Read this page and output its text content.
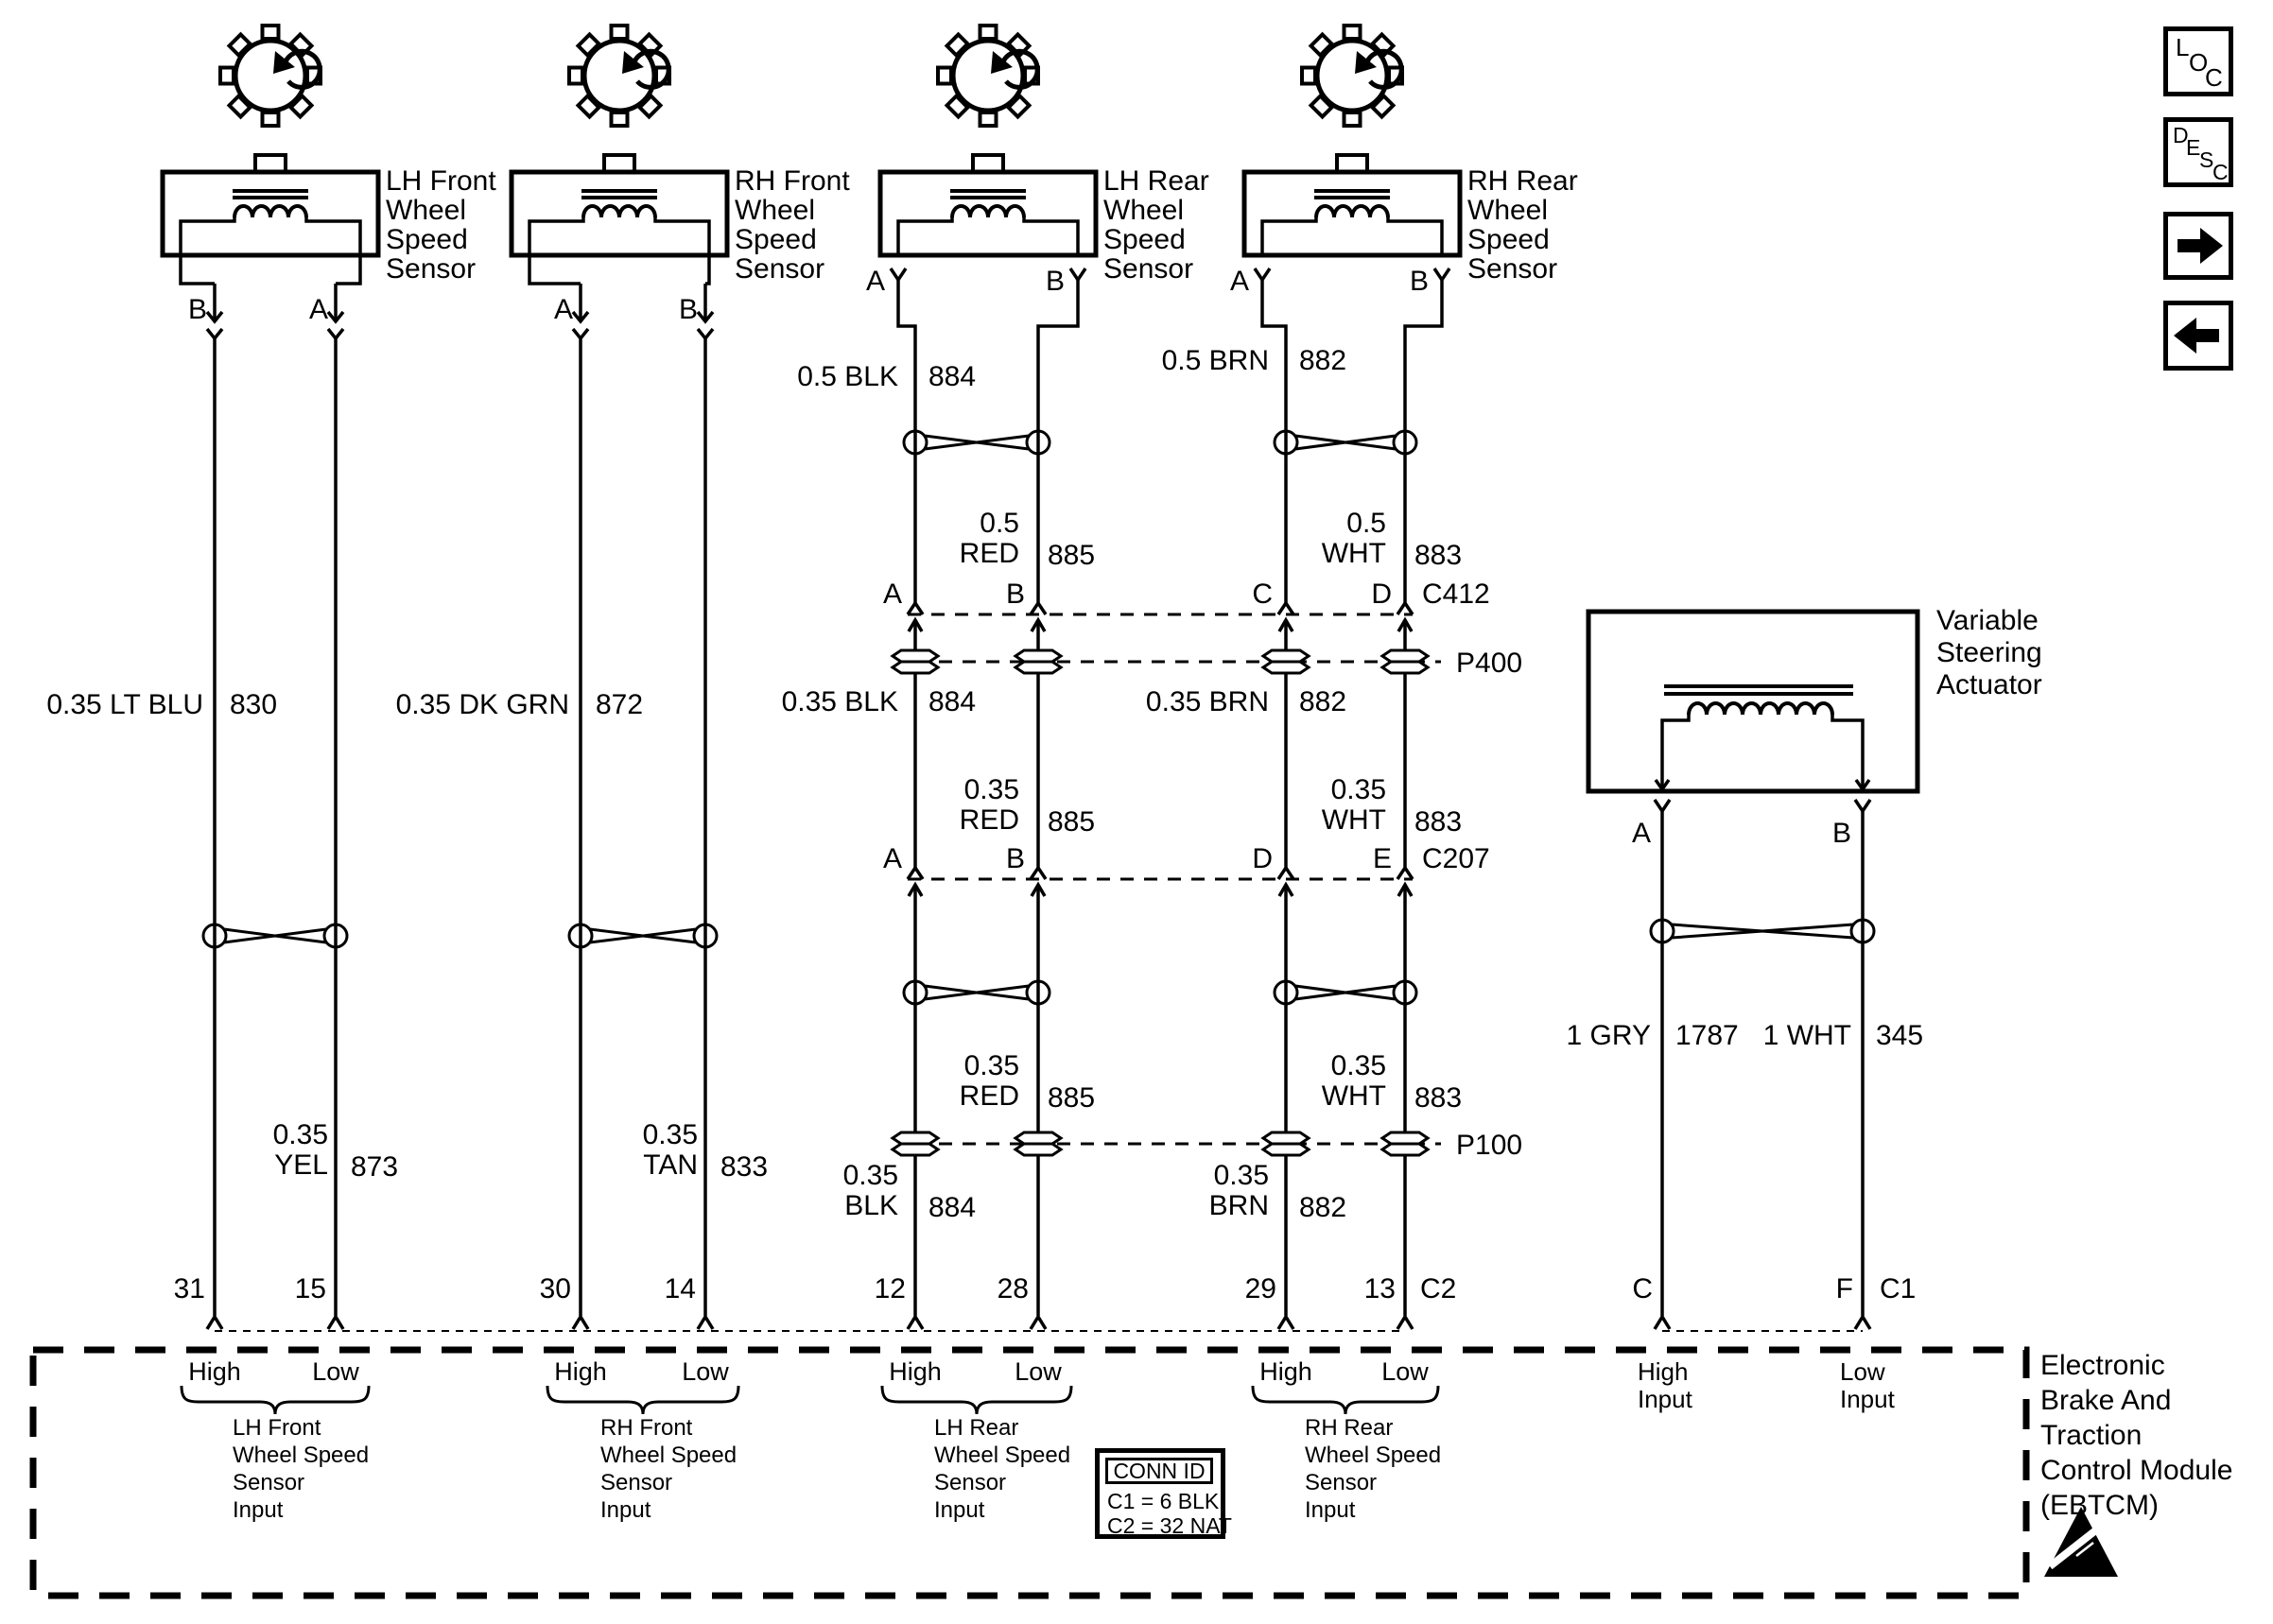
LH Front
Wheel
Speed
Sensor
RH Front
Wheel
Speed
Sensor
LH Rear
Wheel
Speed
Sensor
RH Rear
Wheel
Speed
Sensor
Variable
Steering
Actuator
B	A	A	B
A	B	A	B
A	B
0.35 LT BLU 830	0.35 DK GRN 872
0.35
YEL 873
0.35
TAN 833
0.5 BLK 884
0.5 BRN 882
0.5
RED 885
0.5
WHT 883
0.35 BLK 884	0.35 BRN 882
0.35
RED 885
0.35
WHT 883
0.35
RED 885
0.35
WHT 883
0.35
BLK 884
0.35
BRN 882
1 GRY 1787 1 WHT 345
A	B	C	D C412
P400
A	B	D	E C207
P100
31	15	30	14	12	28	29	13 C2	C	F C1
High	Low	High	Low	High	Low	High	Low
LH Front
Wheel Speed
Sensor
Input
RH Front
Wheel Speed
Sensor
Input
LH Rear
Wheel Speed
Sensor
Input
RH Rear
Wheel Speed
Sensor
Input
High
Input
Low
Input
Electronic
Brake And
Traction
Control Module
(EBTCM)
CONN ID
C1 = 6 BLK
C2 = 32 NAT
L
O
C
D
E
S
C
